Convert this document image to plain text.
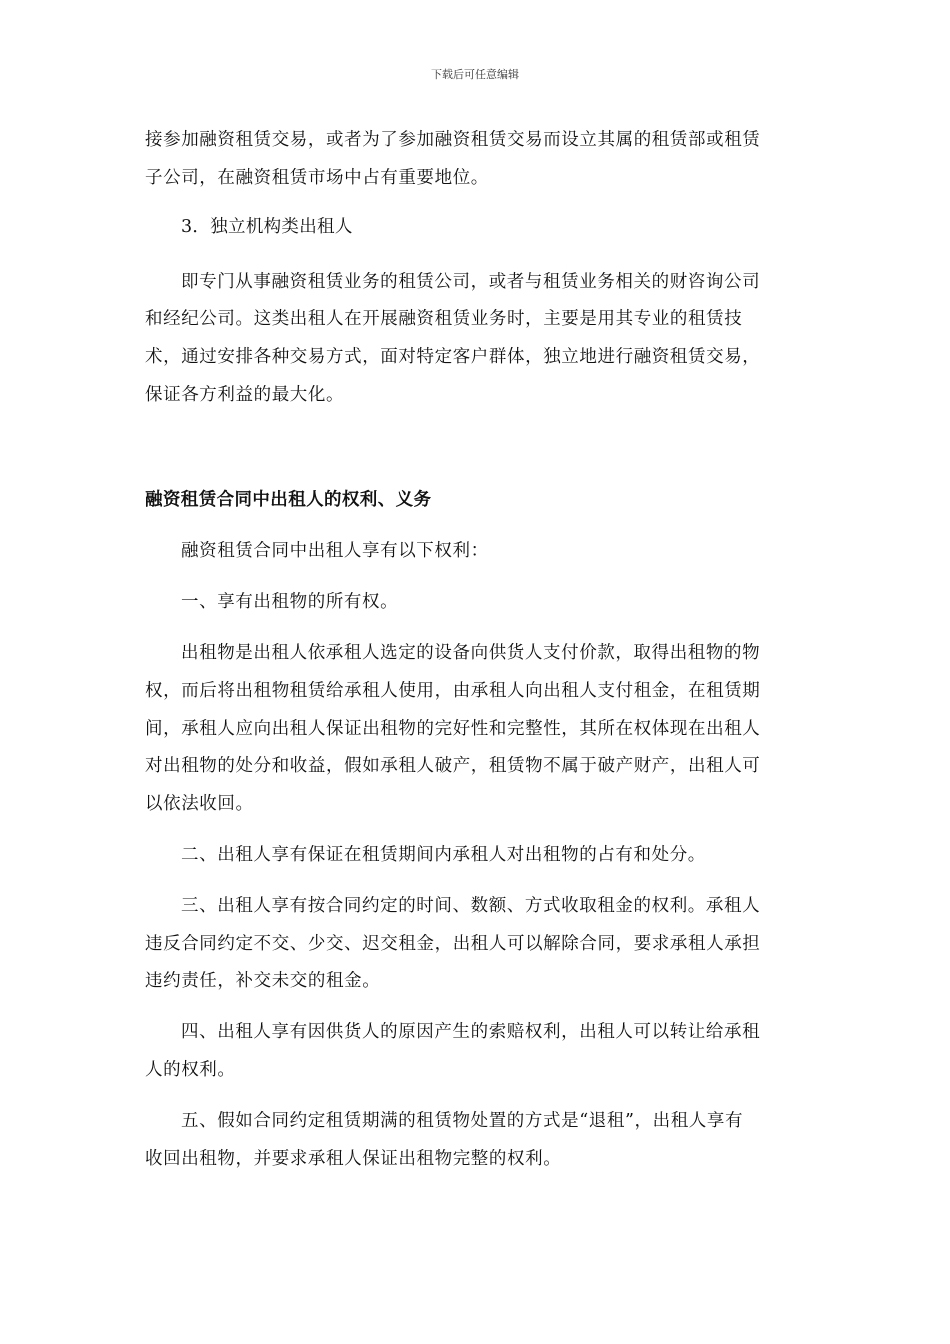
下载后可任意编辑
接参加融资租赁交易，或者为了参加融资租赁交易而设立其属的租赁部或租赁
子公司，在融资租赁市场中占有重要地位。
3．独立机构类出租人
即专门从事融资租赁业务的租赁公司，或者与租赁业务相关的财咨询公司
和经纪公司。这类出租人在开展融资租赁业务时，主要是用其专业的租赁技
术，通过安排各种交易方式，面对特定客户群体，独立地进行融资租赁交易，
保证各方利益的最大化。
融资租赁合同中出租人的权利、义务
融资租赁合同中出租人享有以下权利：
一、享有出租物的所有权。
出租物是出租人依承租人选定的设备向供货人支付价款，取得出租物的物
权，而后将出租物租赁给承租人使用，由承租人向出租人支付租金，在租赁期
间，承租人应向出租人保证出租物的完好性和完整性，其所在权体现在出租人
对出租物的处分和收益，假如承租人破产，租赁物不属于破产财产，出租人可
以依法收回。
二、出租人享有保证在租赁期间内承租人对出租物的占有和处分。
三、出租人享有按合同约定的时间、数额、方式收取租金的权利。承租人
违反合同约定不交、少交、迟交租金，出租人可以解除合同，要求承租人承担
违约责任，补交未交的租金。
四、出租人享有因供货人的原因产生的索赔权利，出租人可以转让给承租
人的权利。
五、假如合同约定租赁期满的租赁物处置的方式是“退租”，出租人享有
收回出租物，并要求承租人保证出租物完整的权利。
